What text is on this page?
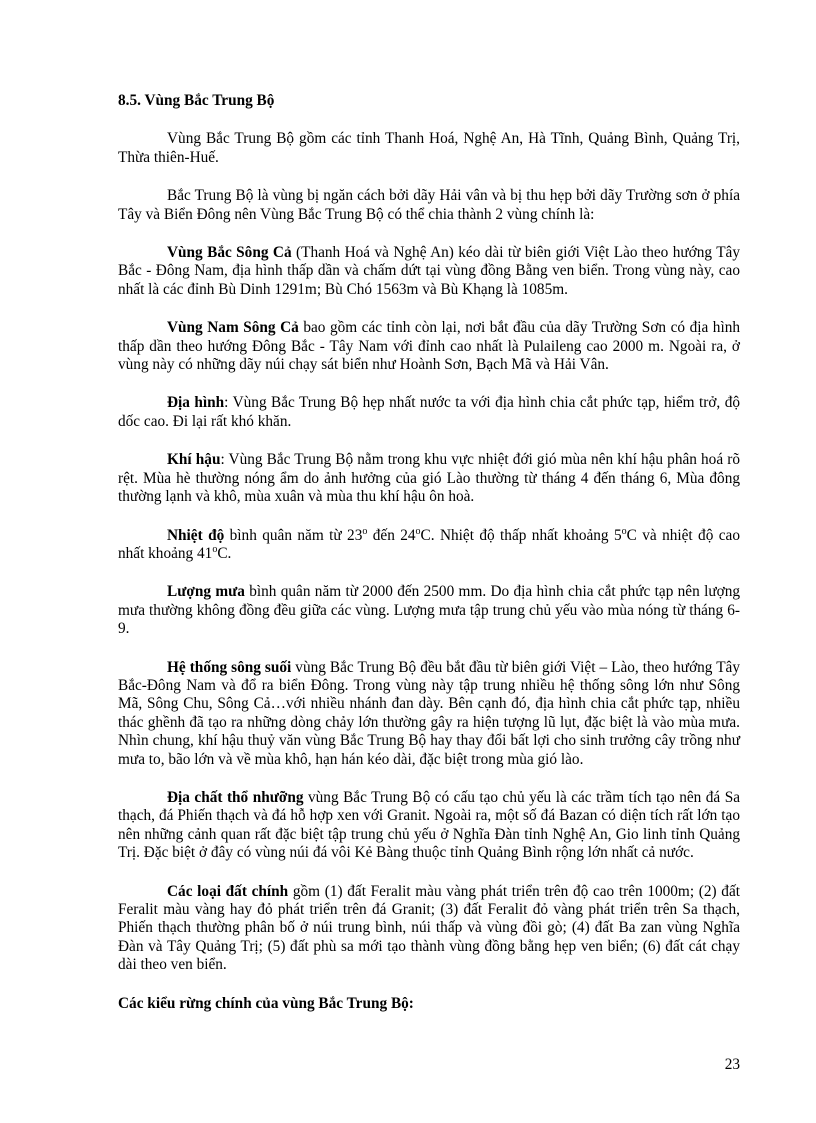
8.5. Vùng Bắc Trung Bộ

Vùng Bắc Trung Bộ gồm các tỉnh Thanh Hoá, Nghệ An, Hà Tĩnh, Quảng Bình, Quảng Trị, Thừa thiên-Huế.

Bắc Trung Bộ là vùng bị ngăn cách bởi dãy Hải vân và bị thu hẹp bởi dãy Trường sơn ở phía Tây và Biển Đông nên Vùng Bắc Trung Bộ có thể chia thành 2 vùng chính là:

Vùng Bắc Sông Cả (Thanh Hoá và Nghệ An) kéo dài từ biên giới Việt Lào theo hướng Tây Bắc - Đông Nam, địa hình thấp dần và chấm dứt tại vùng đồng Bằng ven biển. Trong vùng này, cao nhất là các đỉnh Bù Dinh 1291m; Bù Chó 1563m và Bù Khạng là 1085m.

Vùng Nam Sông Cả bao gồm các tỉnh còn lại, nơi bắt đầu của dãy Trường Sơn có địa hình thấp dần theo hướng Đông Bắc - Tây Nam với đỉnh cao nhất là Pulaileng cao 2000 m. Ngoài ra, ở vùng này có những dãy núi chạy sát biển như Hoành Sơn, Bạch Mã và Hải Vân.

Địa hình: Vùng Bắc Trung Bộ hẹp nhất nước ta với địa hình chia cắt phức tạp, hiểm trở, độ dốc cao. Đi lại rất khó khăn.

Khí hậu: Vùng Bắc Trung Bộ nằm trong khu vực nhiệt đới gió mùa nên khí hậu phân hoá rõ rệt. Mùa hè thường nóng ẩm do ảnh hưởng của gió Lào thường từ tháng 4 đến tháng 6, Mùa đông thường lạnh và khô, mùa xuân và mùa thu khí hậu ôn hoà.

Nhiệt độ bình quân năm từ 23$^o$ đến 24$^o$C. Nhiệt độ thấp nhất khoảng 5$^o$C và nhiệt độ cao nhất khoảng 41$^o$C.

Lượng mưa bình quân năm từ 2000 đến 2500 mm. Do địa hình chia cắt phức tạp nên lượng mưa thường không đồng đều giữa các vùng. Lượng mưa tập trung chủ yếu vào mùa nóng từ tháng 6-9.

Hệ thống sông suối vùng Bắc Trung Bộ đều bắt đầu từ biên giới Việt – Lào, theo hướng Tây Bắc-Đông Nam và đổ ra biển Đông. Trong vùng này tập trung nhiều hệ thống sông lớn như Sông Mã, Sông Chu, Sông Cả…với nhiều nhánh đan dày. Bên cạnh đó, địa hình chia cắt phức tạp, nhiều thác ghềnh đã tạo ra những dòng chảy lớn thường gây ra hiện tượng lũ lụt, đặc biệt là vào mùa mưa. Nhìn chung, khí hậu thuỷ văn vùng Bắc Trung Bộ hay thay đổi bất lợi cho sinh trưởng cây trồng như mưa to, bão lớn và về mùa khô, hạn hán kéo dài, đặc biệt trong mùa gió lào.

Địa chất thổ nhưỡng vùng Bắc Trung Bộ có cấu tạo chủ yếu là các trầm tích tạo nên đá Sa thạch, đá Phiến thạch và đá hỗ hợp xen với Granit. Ngoài ra, một số đá Bazan có diện tích rất lớn tạo nên những cảnh quan rất đặc biệt tập trung chủ yếu ở Nghĩa Đàn tỉnh Nghệ An, Gio linh tỉnh Quảng Trị. Đặc biệt ở đây có vùng núi đá vôi Kẻ Bàng thuộc tỉnh Quảng Bình rộng lớn nhất cả nước.

Các loại đất chính gồm (1) đất Feralit màu vàng phát triển trên độ cao trên 1000m; (2) đất Feralit màu vàng hay đỏ phát triển trên đá Granit; (3) đất Feralit đỏ vàng phát triển trên Sa thạch, Phiến thạch thường phân bố ở núi trung bình, núi thấp và vùng đồi gò; (4) đất Ba zan vùng Nghĩa Đàn và Tây Quảng Trị; (5) đất phù sa mới tạo thành vùng đồng bằng hẹp ven biển; (6) đất cát chạy dài theo ven biển.

Các kiểu rừng chính của vùng Bắc Trung Bộ:
23
